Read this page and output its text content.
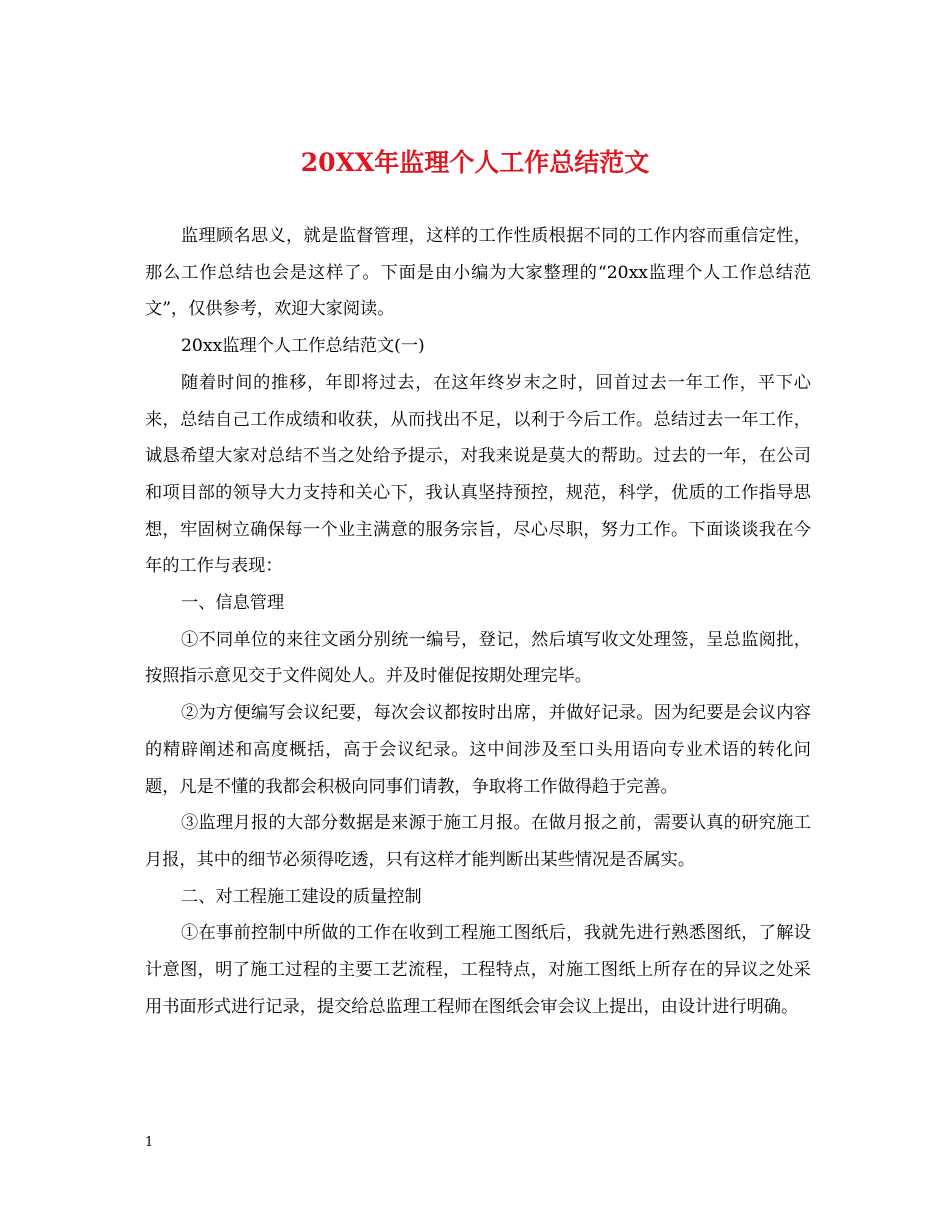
20XX年监理个人工作总结范文

监理顾名思义，就是监督管理，这样的工作性质根据不同的工作内容而重信定性，那么工作总结也会是这样了。下面是由小编为大家整理的“20xx监理个人工作总结范文”，仅供参考，欢迎大家阅读。

20xx监理个人工作总结范文(一)

随着时间的推移，年即将过去，在这年终岁末之时，回首过去一年工作，平下心来，总结自己工作成绩和收获，从而找出不足，以利于今后工作。总结过去一年工作，诚恳希望大家对总结不当之处给予提示，对我来说是莫大的帮助。过去的一年，在公司和项目部的领导大力支持和关心下，我认真坚持预控，规范，科学，优质的工作指导思想，牢固树立确保每一个业主满意的服务宗旨，尽心尽职，努力工作。下面谈谈我在今年的工作与表现：

一、信息管理

①不同单位的来往文函分别统一编号，登记，然后填写收文处理签，呈总监阅批，按照指示意见交于文件阅处人。并及时催促按期处理完毕。

②为方便编写会议纪要，每次会议都按时出席，并做好记录。因为纪要是会议内容的精辟阐述和高度概括，高于会议纪录。这中间涉及至口头用语向专业术语的转化问题，凡是不懂的我都会积极向同事们请教，争取将工作做得趋于完善。

③监理月报的大部分数据是来源于施工月报。在做月报之前，需要认真的研究施工月报，其中的细节必须得吃透，只有这样才能判断出某些情况是否属实。

二、对工程施工建设的质量控制

①在事前控制中所做的工作在收到工程施工图纸后，我就先进行熟悉图纸，了解设计意图，明了施工过程的主要工艺流程，工程特点，对施工图纸上所存在的异议之处采用书面形式进行记录，提交给总监理工程师在图纸会审会议上提出，由设计进行明确。

1
